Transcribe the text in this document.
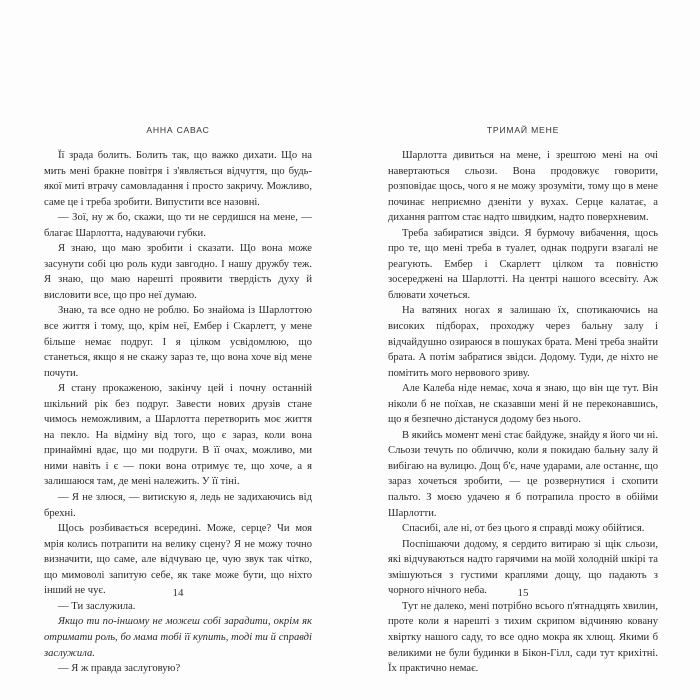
АННА САВАС

Її зрада болить. Болить так, що важко дихати. Що на мить мені бракне повітря і з'являється відчуття, що будь-якої миті втрачу самовладання і просто закричу. Можливо, саме це і треба зробити. Випустити все назовні.

— Зої, ну ж бо, скажи, що ти не сердишся на мене, — благає Шарлотта, надуваючи губки.

Я знаю, що маю зробити і сказати. Що вона може засунути собі цю роль куди завгодно. І нашу дружбу теж. Я знаю, що маю нарешті проявити твердість духу й висловити все, що про неї думаю.

Знаю, та все одно не роблю. Бо знайома із Шарлоттою все життя і тому, що, крім неї, Ембер і Скарлетт, у мене більше немає подруг. І я цілком усвідомлюю, що станеться, якщо я не скажу зараз те, що вона хоче від мене почути.

Я стану прокаженою, закінчу цей і почну останній шкільний рік без подруг. Завести нових друзів стане чимось неможливим, а Шарлотта перетворить моє життя на пекло. На відміну від того, що є зараз, коли вона принаймні вдає, що ми подруги. В її очах, можливо, ми ними навіть і є — поки вона отримує те, що хоче, а я залишаюся там, де мені належить. У її тіні.

— Я не злюся, — витискую я, ледь не задихаючись від брехні.

Щось розбивається всередині. Може, серце? Чи моя мрія колись потрапити на велику сцену? Я не можу точно визначити, що саме, але відчуваю це, чую звук так чітко, що мимоволі запитую себе, як таке може бути, що ніхто інший не чує.

— Ти заслужила.

Якщо ти по-іншому не можеш собі зарадити, окрім як отримати роль, бо мама тобі її купить, тоді ти й справді заслужила.

— Я ж правда заслуговую?

14
ТРИМАЙ МЕНЕ

Шарлотта дивиться на мене, і зрештою мені на очі навертаються сльози. Вона продовжує говорити, розповідає щось, чого я не можу зрозуміти, тому що в мене починає неприємно дзеніти у вухах. Серце калатає, а дихання раптом стає надто швидким, надто поверхневим.

Треба забиратися звідси. Я бурмочу вибачення, щось про те, що мені треба в туалет, однак подруги взагалі не реагують. Ембер і Скарлетт цілком та повністю зосереджені на Шарлотті. На центрі нашого всесвіту. Аж блювати хочеться.

На ватяних ногах я залишаю їх, спотикаючись на високих підборах, проходжу через бальну залу і відчайдушно озираюся в пошуках брата. Мені треба знайти брата. А потім забратися звідси. Додому. Туди, де ніхто не помітить мого нервового зриву.

Але Калеба ніде немає, хоча я знаю, що він ще тут. Він ніколи б не поїхав, не сказавши мені й не переконавшись, що я безпечно дістануся додому без нього.

В якийсь момент мені стає байдуже, знайду я його чи ні. Сльози течуть по обличчю, коли я покидаю бальну залу й вибігаю на вулицю. Дощ б'є, наче ударами, але останнє, що зараз хочеться зробити, — це розвернутися і схопити пальто. З моєю удачею я б потрапила просто в обійми Шарлотти.

Спасибі, але ні, от без цього я справді можу обійтися.

Поспішаючи додому, я сердито витираю зі щік сльози, які відчуваються надто гарячими на моїй холодній шкірі та змішуються з густими краплями дощу, що падають з чорного нічного неба.

Тут не далеко, мені потрібно всього п'ятнадцять хвилин, проте коли я нарешті з тихим скрипом відчиняю ковану хвіртку нашого саду, то все одно мокра як хлющ. Якими б великими не були будинки в Бікон-Гілл, сади тут крихітні. Їх практично немає.

15
